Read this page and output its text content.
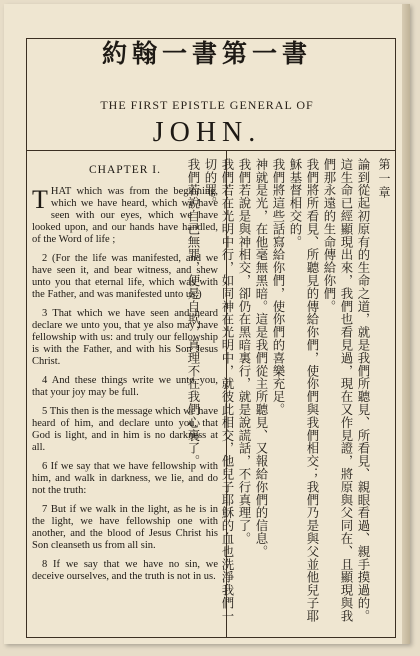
約翰一書第一書
THE FIRST EPISTLE GENERAL OF
JOHN.

CHAPTER I.

THAT which was from the beginning, which we have heard, which we have seen with our eyes, which we have looked upon, and our hands have handled, of the Word of life ;

2 (For the life was manifested, and we have seen it, and bear witness, and shew unto you that eternal life, which was with the Father, and was manifested unto us;)

3 That which we have seen and heard declare we unto you, that ye also may have fellowship with us: and truly our fellowship is with the Father, and with his Son Jesus Christ.

4 And these things write we unto you, that your joy may be full.

5 This then is the message which we have heard of him, and declare unto you, that God is light, and in him is no darkness at all.

6 If we say that we have fellowship with him, and walk in darkness, we lie, and do not the truth:

7 But if we walk in the light, as he is in the light, we have fellowship one with another, and the blood of Jesus Christ his Son cleanseth us from all sin.

8 If we say that we have no sin, we deceive ourselves, and the truth is not in us.

第一章
論到從起初原有的生命之道，就是我們所聽見、所看見、親眼看過、親手摸過的。
這生命已經顯現出來，我們也看見過，現在又作見證，將原與父同在、且顯現與我們那永遠的生命傳給你們。
我們將所看見、所聽見的傳給你們，使你們與我們相交；我們乃是與父並他兒子耶穌基督相交的。
我們將這些話寫給你們，使你們的喜樂充足。
神就是光，在他毫無黑暗。這是我們從主所聽見、又報給你們的信息。
我們若說是與神相交，卻仍在黑暗裏行，就是說謊話，不行真理了。
我們若在光明中行，如同神在光明中，就彼此相交，他兒子耶穌的血也洗淨我們一切的罪。
我們若說自己無罪，便是自欺，真理不在我們心裏了。
